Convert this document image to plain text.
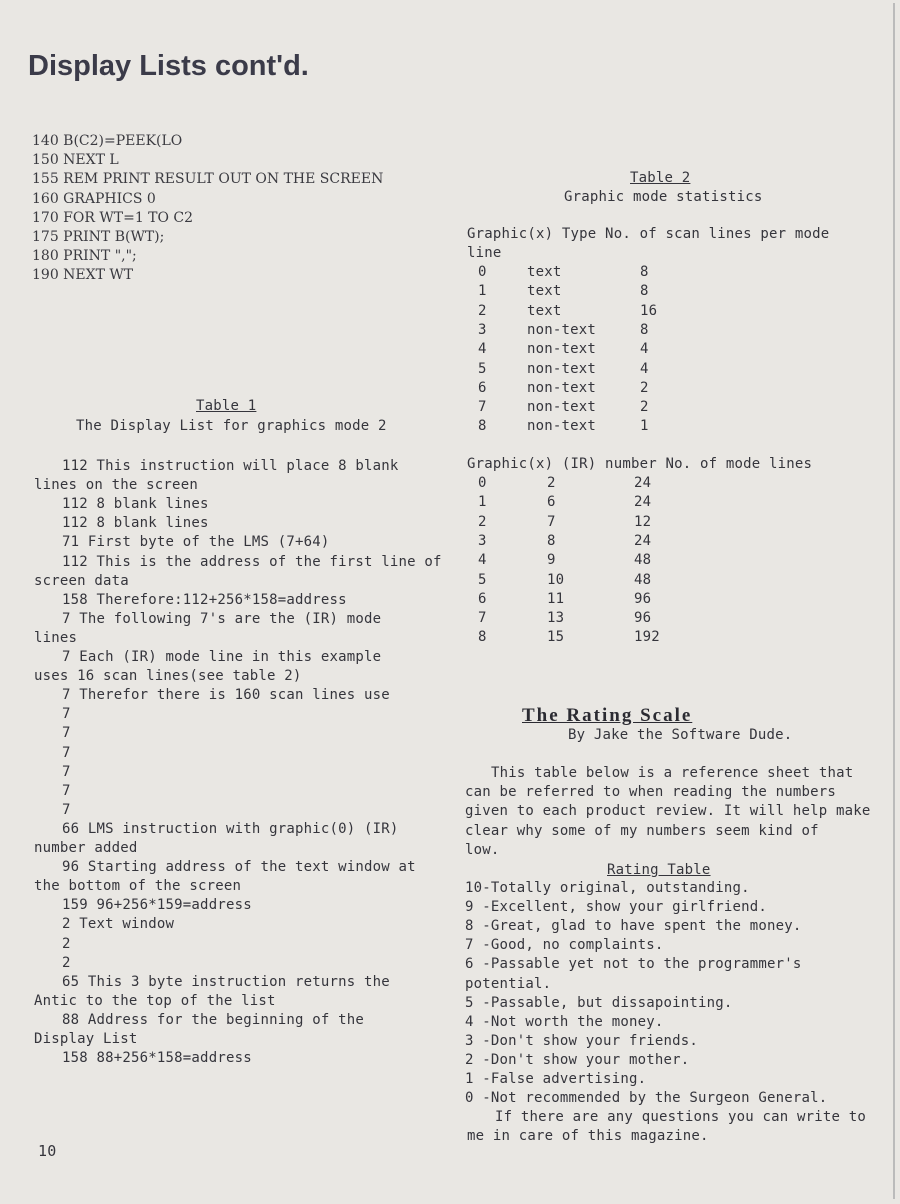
Display Lists cont'd.
140 B(C2)=PEEK(LO
150 NEXT L
155 REM PRINT RESULT OUT ON THE SCREEN
160 GRAPHICS 0
170 FOR WT=1 TO C2
175 PRINT B(WT);
180 PRINT ",";
190 NEXT WT
Table 1
The Display List for graphics mode 2
112 This instruction will place 8 blank
lines on the screen
112 8 blank lines
112 8 blank lines
71 First byte of the LMS (7+64)
112 This is the address of the first line of
screen data
158 Therefore:112+256*158=address
7 The following 7's are the (IR) mode
lines
7 Each (IR) mode line in this example
uses 16 scan lines(see table 2)
7 Therefor there is 160 scan lines use
7
7
7
7
7
7
66 LMS instruction with graphic(0) (IR)
number added
96 Starting address of the text window at
the bottom of the screen
159 96+256*159=address
2 Text window
2
2
65 This 3 byte instruction returns the
Antic to the top of the list
88 Address for the beginning of the
Display List
158 88+256*158=address
Table 2
Graphic mode statistics
Graphic(x) Type No. of scan lines per mode
line
0	text	8
1	text	8
2	text	16
3	non-text	8
4	non-text	4
5	non-text	4
6	non-text	2
7	non-text	2
8	non-text	1
Graphic(x) (IR) number No. of mode lines
0	2	24
1	6	24
2	7	12
3	8	24
4	9	48
5	10	48
6	11	96
7	13	96
8	15	192
The Rating Scale
By Jake the Software Dude.
This table below is a reference sheet that
can be referred to when reading the numbers
given to each product review. It will help make
clear why some of my numbers seem kind of
low.
Rating Table
10-Totally original, outstanding.
9 -Excellent, show your girlfriend.
8 -Great, glad to have spent the money.
7 -Good, no complaints.
6 -Passable yet not to the programmer's
potential.
5 -Passable, but dissapointing.
4 -Not worth the money.
3 -Don't show your friends.
2 -Don't show your mother.
1 -False advertising.
0 -Not recommended by the Surgeon General.
If there are any questions you can write to
me in care of this magazine.
10
